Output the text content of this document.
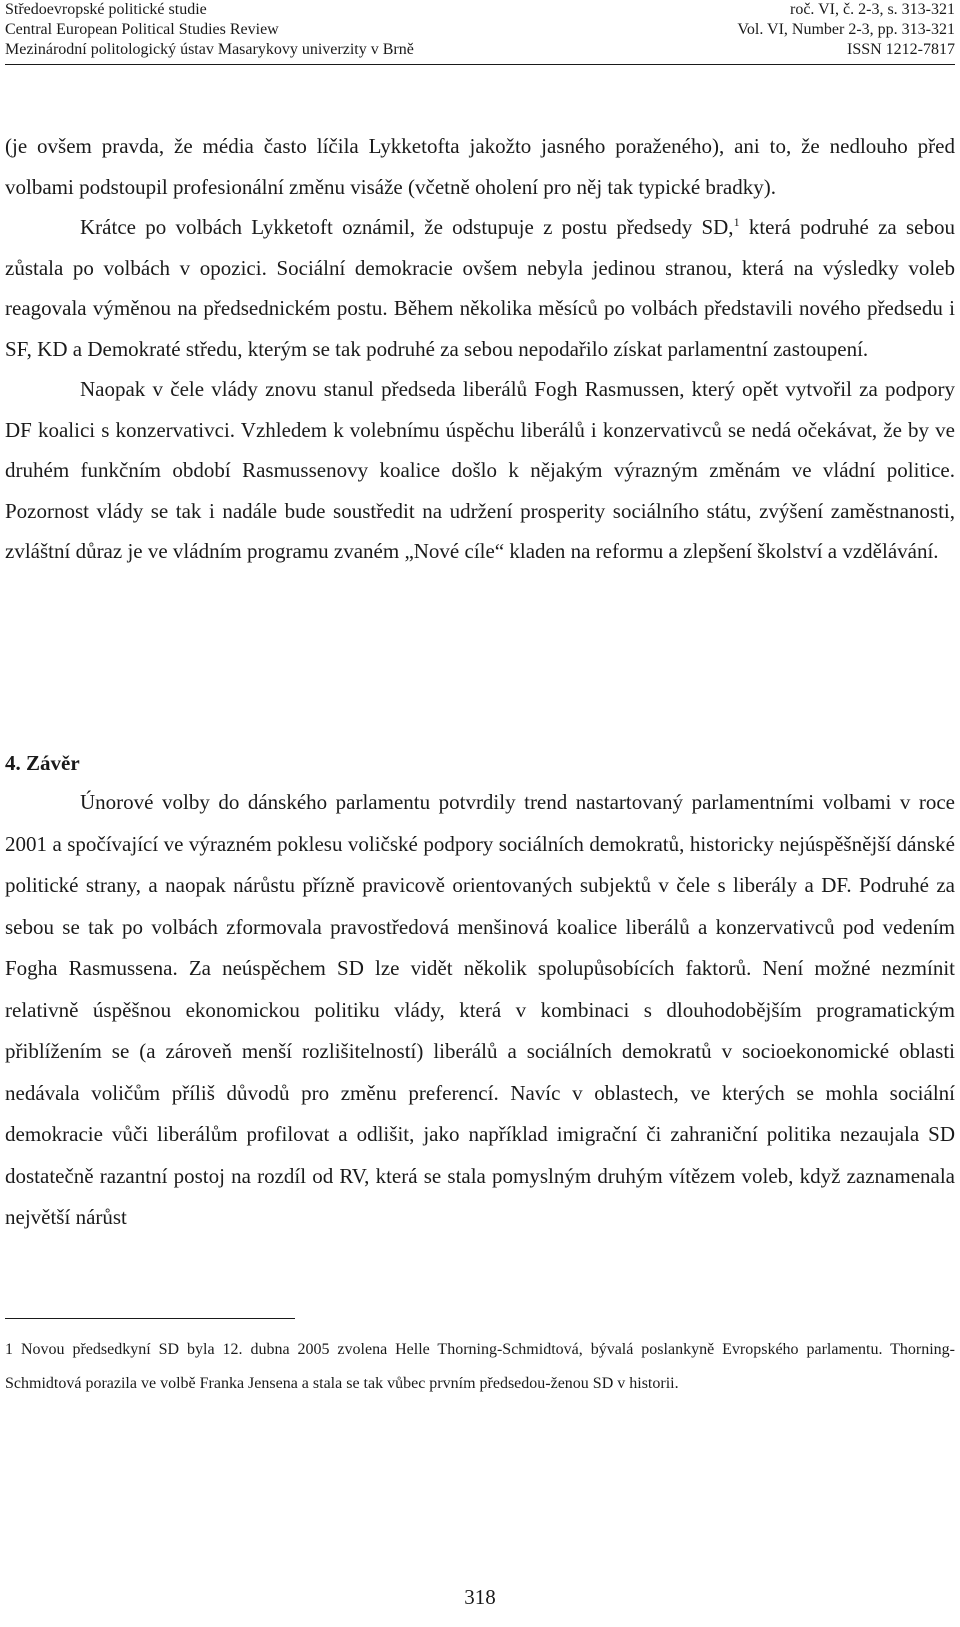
Středoevropské politické studie	roč. VI, č. 2-3, s. 313-321
Central European Political Studies Review	Vol. VI, Number 2-3, pp. 313-321
Mezinárodní politologický ústav Masarykovy univerzity v Brně	ISSN 1212-7817

(je ovšem pravda, že média často líčila Lykketofta jakožto jasného poraženého), ani to, že nedlouho před volbami podstoupil profesionální změnu visáže (včetně oholení pro něj tak typické bradky).

Krátce po volbách Lykketoft oznámil, že odstupuje z postu předsedy SD,$^1$ která podruhé za sebou zůstala po volbách v opozici. Sociální demokracie ovšem nebyla jedinou stranou, která na výsledky voleb reagovala výměnou na předsednickém postu. Během několika měsíců po volbách představili nového předsedu i SF, KD a Demokraté středu, kterým se tak podruhé za sebou nepodařilo získat parlamentní zastoupení.

Naopak v čele vlády znovu stanul předseda liberálů Fogh Rasmussen, který opět vytvořil za podpory DF koalici s konzervativci. Vzhledem k volebnímu úspěchu liberálů i konzervativců se nedá očekávat, že by ve druhém funkčním období Rasmussenovy koalice došlo k nějakým výrazným změnám ve vládní politice. Pozornost vlády se tak i nadále bude soustředit na udržení prosperity sociálního státu, zvýšení zaměstnanosti, zvláštní důraz je ve vládním programu zvaném „Nové cíle“ kladen na reformu a zlepšení školství a vzdělávání.

4. Závěr

Únorové volby do dánského parlamentu potvrdily trend nastartovaný parlamentními volbami v roce 2001 a spočívající ve výrazném poklesu voličské podpory sociálních demokratů, historicky nejúspěšnější dánské politické strany, a naopak nárůstu přízně pravicově orientovaných subjektů v čele s liberály a DF. Podruhé za sebou se tak po volbách zformovala pravostředová menšinová koalice liberálů a konzervativců pod vedením Fogha Rasmussena. Za neúspěchem SD lze vidět několik spolupůsobících faktorů. Není možné nezmínit relativně úspěšnou ekonomickou politiku vlády, která v kombinaci s dlouhodobějším programatickým přiblížením se (a zároveň menší rozlišitelností) liberálů a sociálních demokratů v socioekonomické oblasti nedávala voličům příliš důvodů pro změnu preferencí. Navíc v oblastech, ve kterých se mohla sociální demokracie vůči liberálům profilovat a odlišit, jako například imigrační či zahraniční politika nezaujala SD dostatečně razantní postoj na rozdíl od RV, která se stala pomyslným druhým vítězem voleb, když zaznamenala největší nárůst

1 Novou předsedkyní SD byla 12. dubna 2005 zvolena Helle Thorning-Schmidtová, bývalá poslankyně Evropského parlamentu. Thorning-Schmidtová porazila ve volbě Franka Jensena a stala se tak vůbec prvním předsedou-ženou SD v historii.

318
